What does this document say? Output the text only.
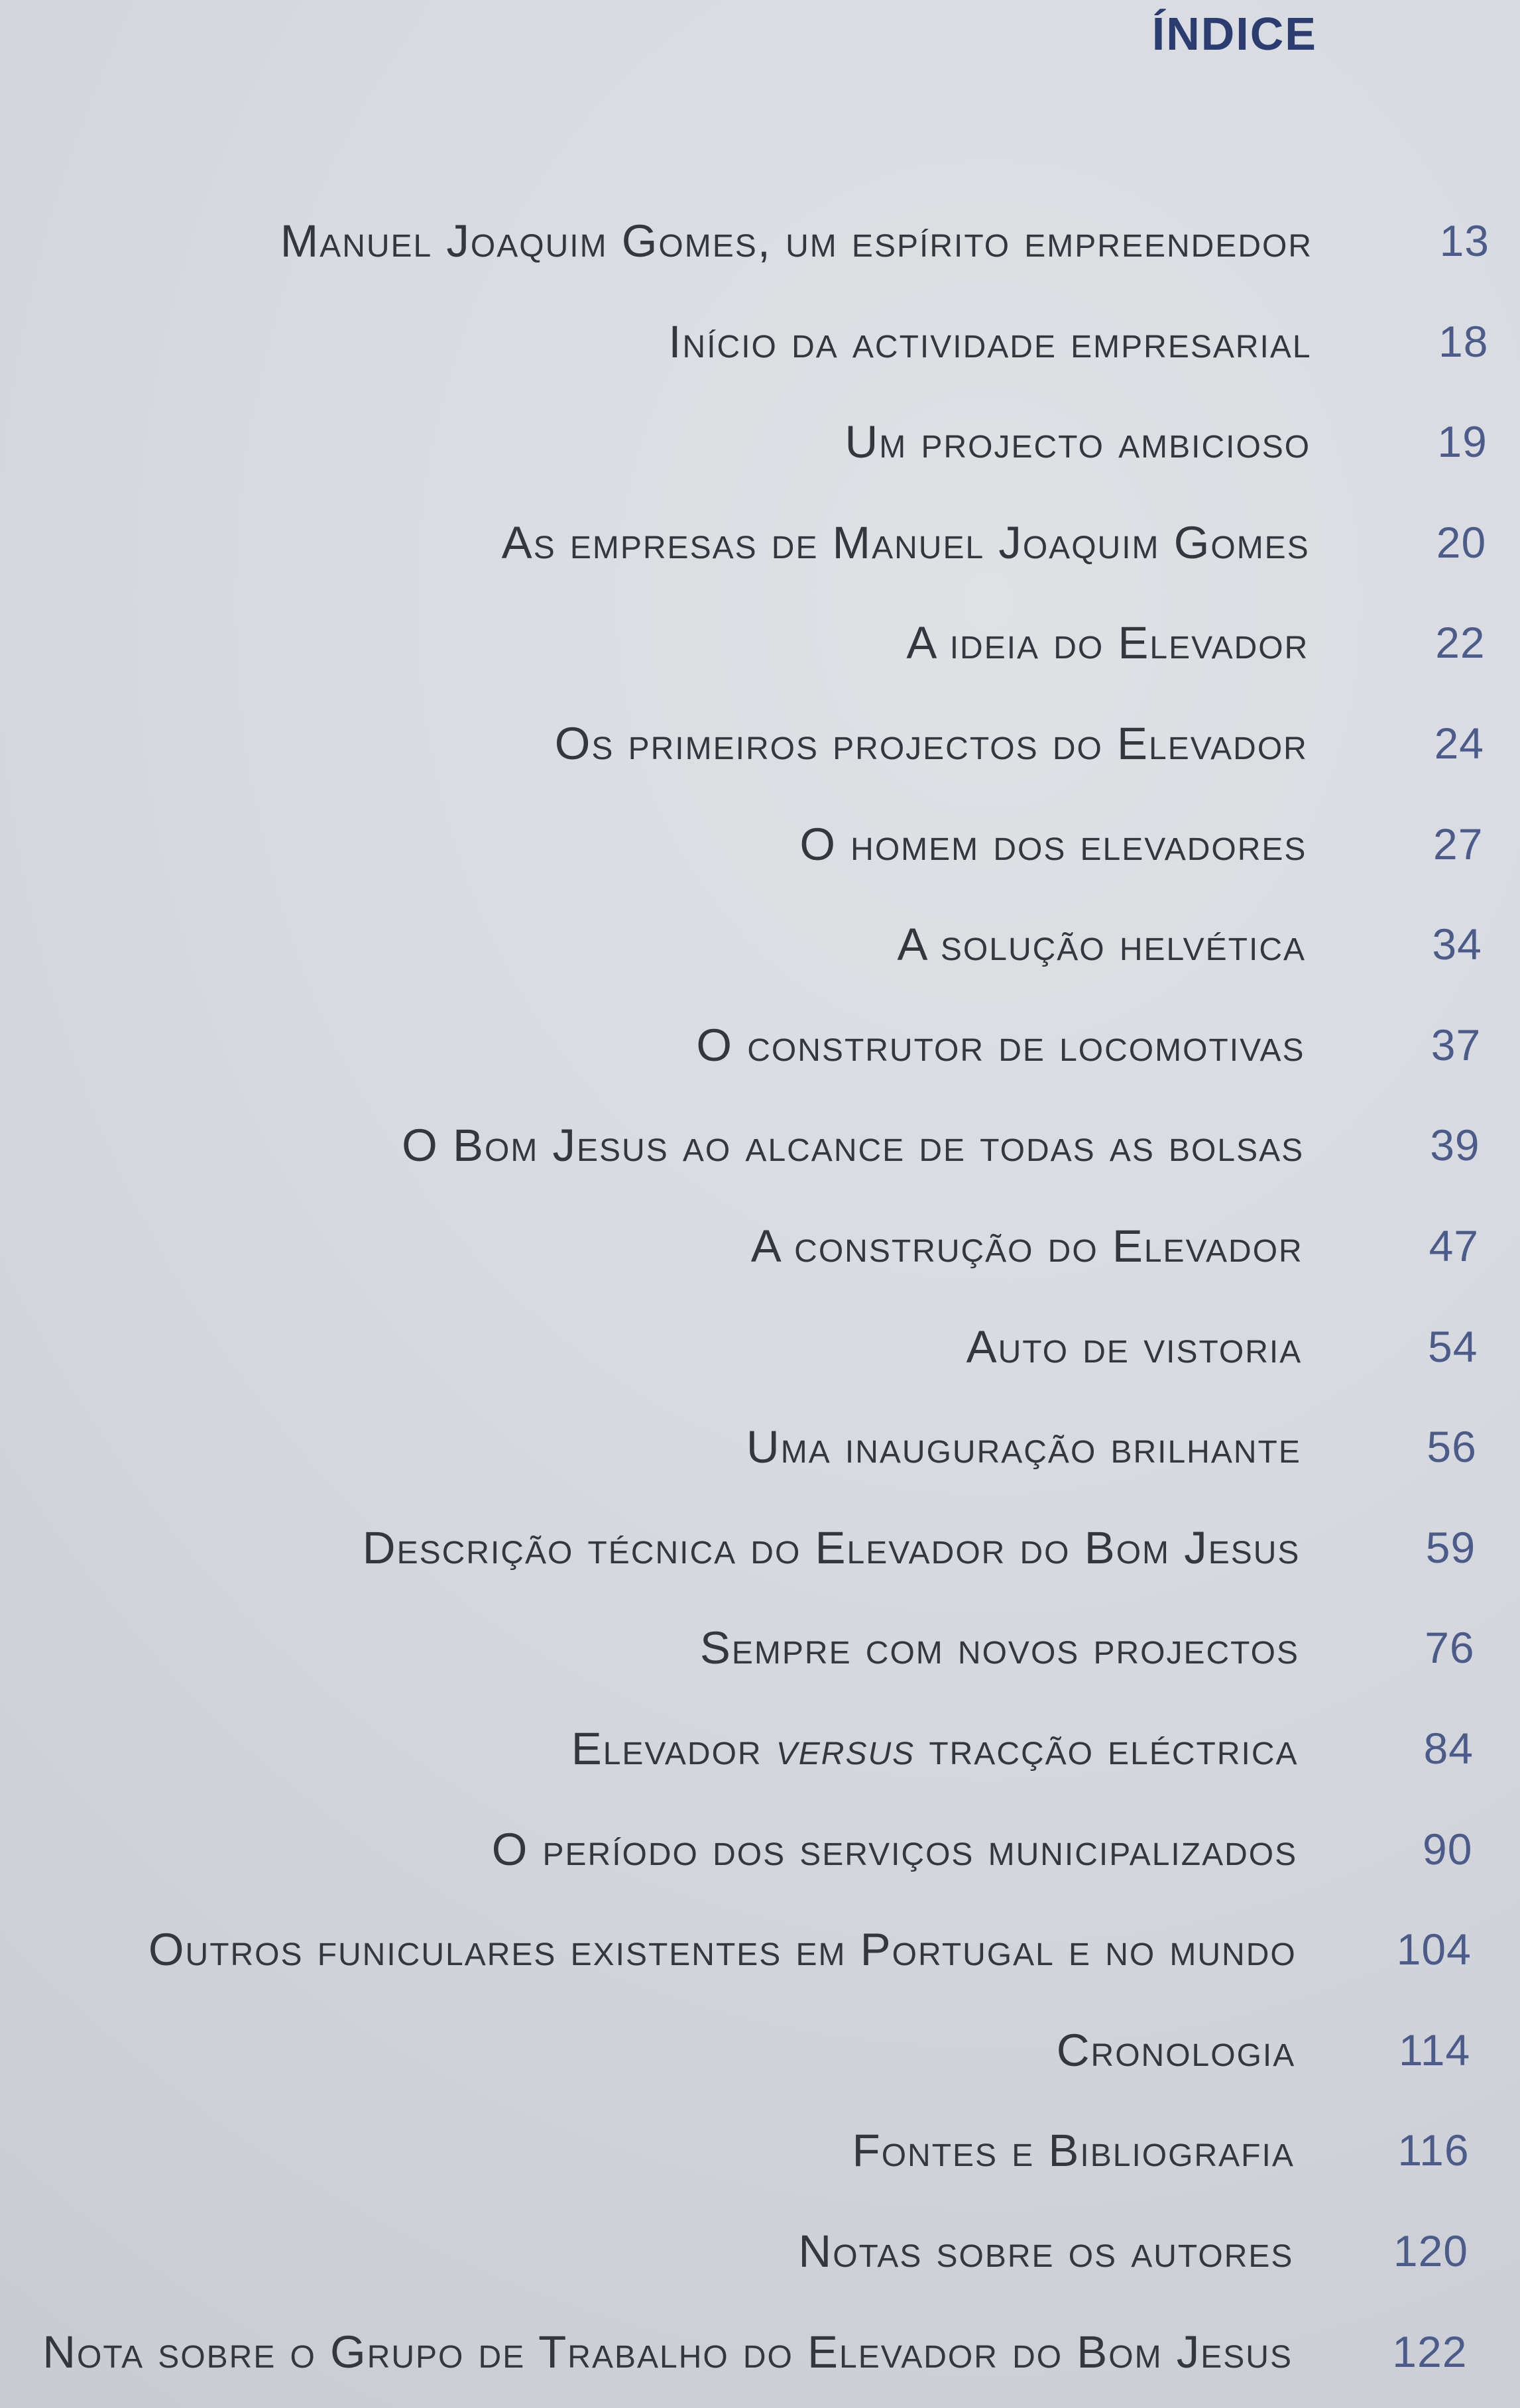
ÍNDICE
Manuel Joaquim Gomes, um espírito empreendedor	13
Início da actividade empresarial	18
Um projecto ambicioso	19
As empresas de Manuel Joaquim Gomes	20
A ideia do Elevador	22
Os primeiros projectos do Elevador	24
O homem dos elevadores	27
A solução helvética	34
O construtor de locomotivas	37
O Bom Jesus ao alcance de todas as bolsas	39
A construção do Elevador	47
Auto de vistoria	54
Uma inauguração brilhante	56
Descrição técnica do Elevador do Bom Jesus	59
Sempre com novos projectos	76
Elevador versus tracção eléctrica	84
O período dos serviços municipalizados	90
Outros funiculares existentes em Portugal e no mundo 104
Cronologia 114
Fontes e Bibliografia 116
Notas sobre os autores 120
Nota sobre o Grupo de Trabalho do Elevador do Bom Jesus 122
